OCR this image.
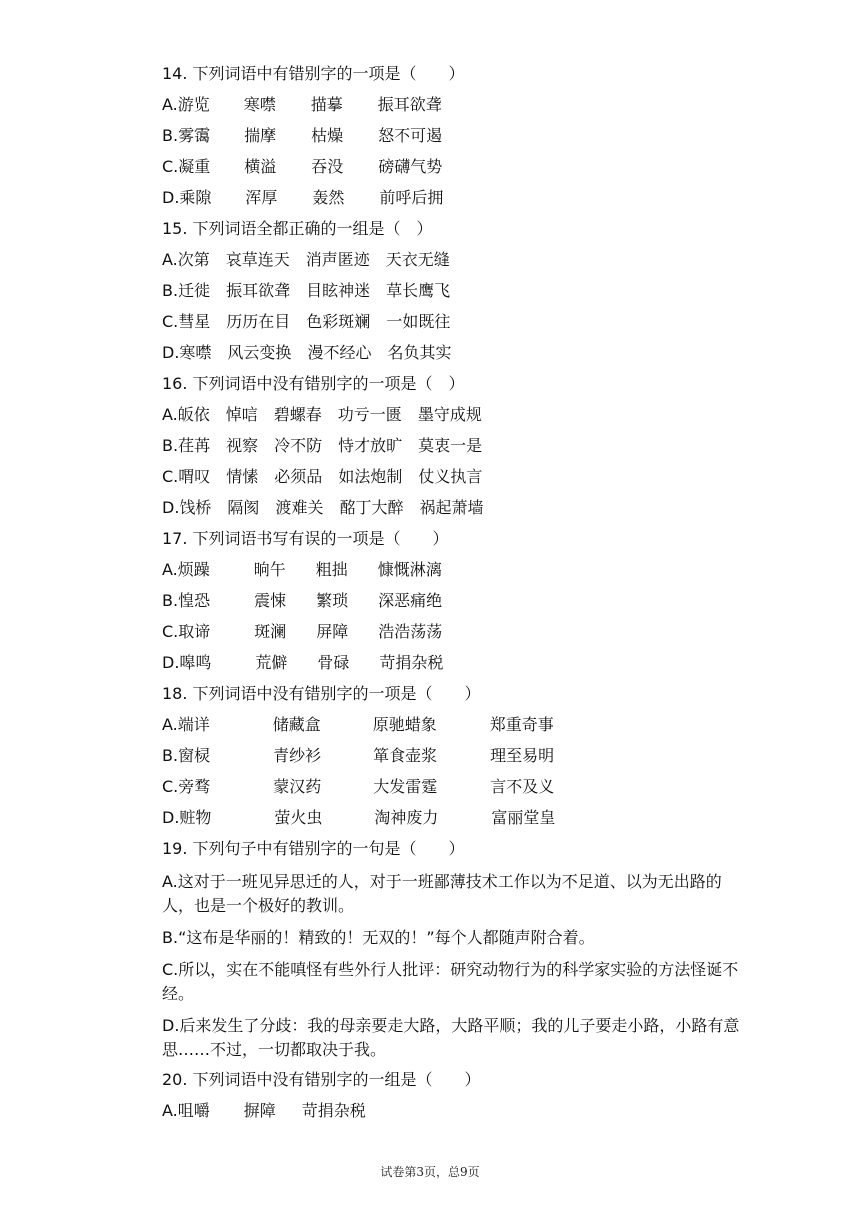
14. 下列词语中有错别字的一项是（　　）
A. 游览	寒噤	描摹	振耳欲聋
B. 雾霭	揣摩	枯燥	怒不可遏
C. 凝重	横溢	吞没	磅礴气势
D. 乘隙	浑厚	轰然	前呼后拥
15. 下列词语全都正确的一组是（　）
A. 次第 哀草连天 消声匿迹 天衣无缝
B. 迁徙 振耳欲聋 目眩神迷 草长鹰飞
C. 彗星 历历在目 色彩斑斓 一如既往
D. 寒噤 风云变换 漫不经心 名负其实
16. 下列词语中没有错别字的一项是（　）
A. 皈依 悼唁 碧螺春 功亏一匮 墨守成规
B. 荏苒 视察 冷不防 恃才放旷 莫衷一是
C. 喟叹 情愫 必须品 如法炮制 仗义执言
D. 饯桥 隔阂 渡难关 酩丁大醉 祸起萧墙
17. 下列词语书写有误的一项是（　　）
A. 烦躁	晌午	粗拙	慷慨淋漓
B. 惶恐	震悚	繁琐	深恶痛绝
C. 取谛	斑澜	屏障	浩浩荡荡
D. 嗥鸣	荒僻	骨碌	苛捐杂税
18. 下列词语中没有错别字的一项是（　　）
A. 端详	储藏盒	原驰蜡象	郑重奇事
B. 窗棂	青纱衫	箪食壶浆	理至易明
C. 旁骛	蒙汉药	大发雷霆	言不及义
D. 赃物	萤火虫	淘神废力	富丽堂皇
19. 下列句子中有错别字的一句是（　　）
A.这对于一班见异思迁的人，对于一班鄙薄技术工作以为不足道、以为无出路的人，也是一个极好的教训。
B.“这布是华丽的！精致的！无双的！”每个人都随声附合着。
C.所以，实在不能嗔怪有些外行人批评：研究动物行为的科学家实验的方法怪诞不经。
D.后来发生了分歧：我的母亲要走大路，大路平顺；我的儿子要走小路，小路有意思……不过，一切都取决于我。
20. 下列词语中没有错别字的一组是（　　）
A. 咀嚼	摒障	苛捐杂税
试卷第3页，总9页
